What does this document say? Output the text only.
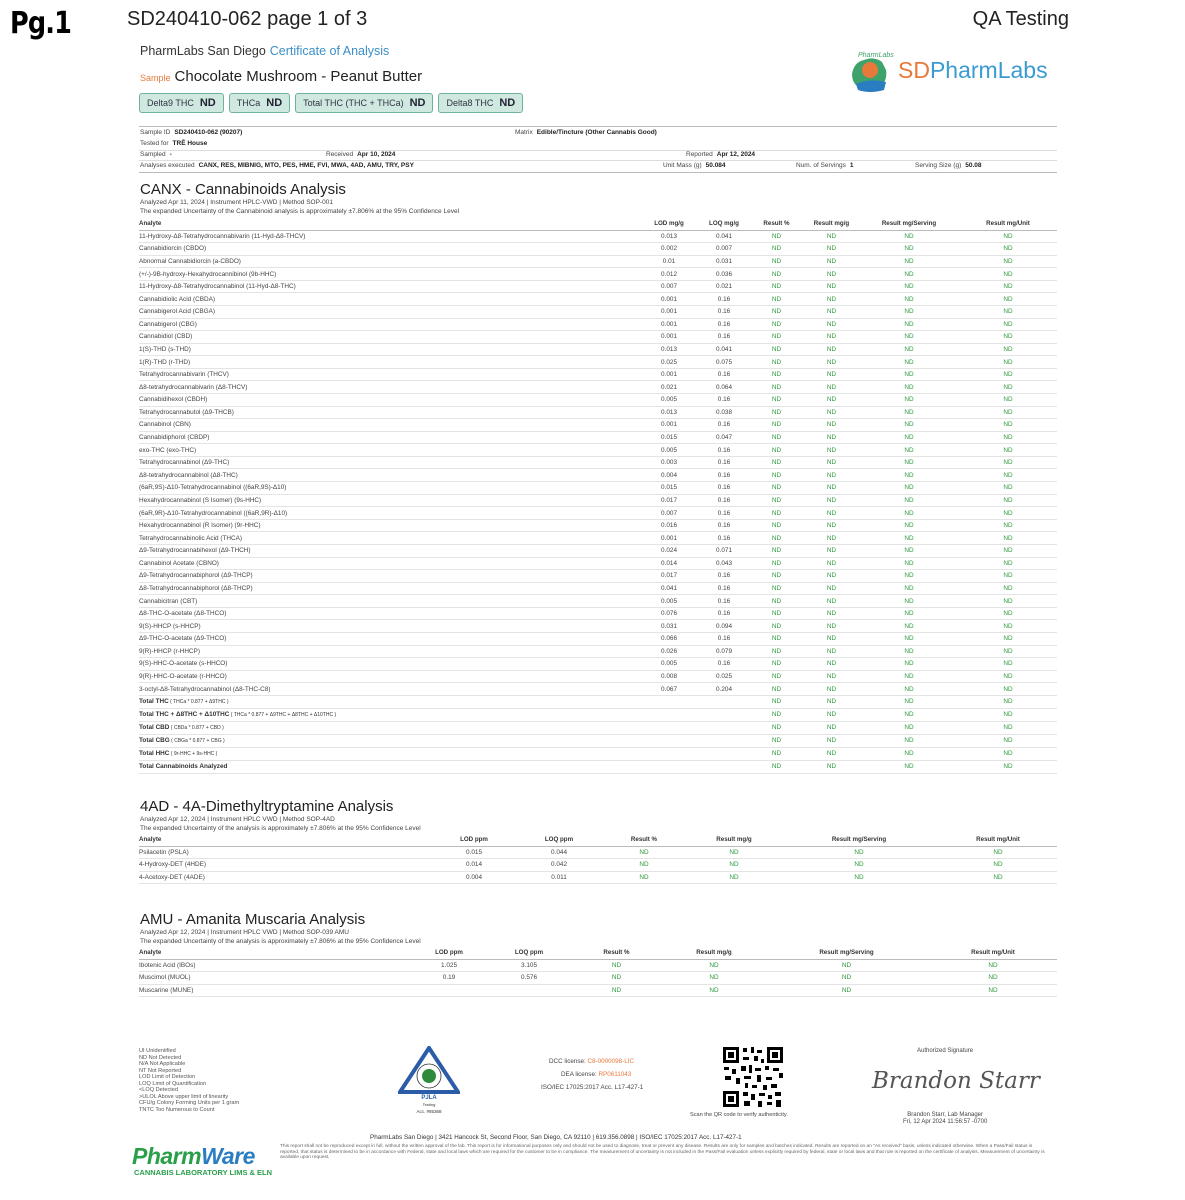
Pg.1	SD240410-062 page 1 of 3	QA Testing
PharmLabs San Diego Certificate of Analysis
Sample Chocolate Mushroom - Peanut Butter
Delta9 THC ND THCa ND Total THC (THC + THCa) ND Delta8 THC ND
PharmLabs
SDPharmLabs
Sample ID SD240410-062 (90207)	Matrix Edible/Tincture (Other Cannabis Good)
Tested for TRĒ House
Sampled -	Received Apr 10, 2024	Reported Apr 12, 2024
Analyses executed CANX, RES, MIBNIG, MTO, PES, HME, FVI, MWA, 4AD, AMU, TRY, PSY	Unit Mass (g) 50.084	Num. of Servings 1	Serving Size (g) 50.08
CANX - Cannabinoids Analysis
Analyzed Apr 11, 2024 | Instrument HPLC-VWD | Method SOP-001
The expanded Uncertainty of the Cannabinoid analysis is approximately ±7.806% at the 95% Confidence Level
Analyte	LOD mg/g	LOQ mg/g	Result %	Result mg/g	Result mg/Serving	Result mg/Unit
11-Hydroxy-Δ8-Tetrahydrocannabivarin (11-Hyd-Δ8-THCV)	0.013	0.041	ND	ND	ND	ND
Cannabidiorcin (CBDO)	0.002	0.007	ND	ND	ND	ND
Abnormal Cannabidiorcin (a-CBDO)	0.01	0.031	ND	ND	ND	ND
(+/-)-9B-hydroxy-Hexahydrocannibinol (9b-HHC)	0.012	0.036	ND	ND	ND	ND
11-Hydroxy-Δ8-Tetrahydrocannabinol (11-Hyd-Δ8-THC)	0.007	0.021	ND	ND	ND	ND
Cannabidiolic Acid (CBDA)	0.001	0.16	ND	ND	ND	ND
Cannabigerol Acid (CBGA)	0.001	0.16	ND	ND	ND	ND
Cannabigerol (CBG)	0.001	0.16	ND	ND	ND	ND
Cannabidiol (CBD)	0.001	0.16	ND	ND	ND	ND
1(S)-THD (s-THD)	0.013	0.041	ND	ND	ND	ND
1(R)-THD (r-THD)	0.025	0.075	ND	ND	ND	ND
Tetrahydrocannabivarin (THCV)	0.001	0.16	ND	ND	ND	ND
Δ8-tetrahydrocannabivarin (Δ8-THCV)	0.021	0.064	ND	ND	ND	ND
Cannabidihexol (CBDH)	0.005	0.16	ND	ND	ND	ND
Tetrahydrocannabutol (Δ9-THCB)	0.013	0.038	ND	ND	ND	ND
Cannabinol (CBN)	0.001	0.16	ND	ND	ND	ND
Cannabidiphorol (CBDP)	0.015	0.047	ND	ND	ND	ND
exo-THC (exo-THC)	0.005	0.16	ND	ND	ND	ND
Tetrahydrocannabinol (Δ9-THC)	0.003	0.16	ND	ND	ND	ND
Δ8-tetrahydrocannabinol (Δ8-THC)	0.004	0.16	ND	ND	ND	ND
(6aR,9S)-Δ10-Tetrahydrocannabinol ((6aR,9S)-Δ10)	0.015	0.16	ND	ND	ND	ND
Hexahydrocannabinol (S Isomer) (9s-HHC)	0.017	0.16	ND	ND	ND	ND
(6aR,9R)-Δ10-Tetrahydrocannabinol ((6aR,9R)-Δ10)	0.007	0.16	ND	ND	ND	ND
Hexahydrocannabinol (R Isomer) (9r-HHC)	0.016	0.16	ND	ND	ND	ND
Tetrahydrocannabinolic Acid (THCA)	0.001	0.16	ND	ND	ND	ND
Δ9-Tetrahydrocannabihexol (Δ9-THCH)	0.024	0.071	ND	ND	ND	ND
Cannabinol Acetate (CBNO)	0.014	0.043	ND	ND	ND	ND
Δ9-Tetrahydrocannabiphorol (Δ9-THCP)	0.017	0.16	ND	ND	ND	ND
Δ8-Tetrahydrocannabiphorol (Δ8-THCP)	0.041	0.16	ND	ND	ND	ND
Cannabicitran (CBT)	0.005	0.16	ND	ND	ND	ND
Δ8-THC-O-acetate (Δ8-THCO)	0.076	0.16	ND	ND	ND	ND
9(S)-HHCP (s-HHCP)	0.031	0.094	ND	ND	ND	ND
Δ9-THC-O-acetate (Δ9-THCO)	0.066	0.16	ND	ND	ND	ND
9(R)-HHCP (r-HHCP)	0.026	0.079	ND	ND	ND	ND
9(S)-HHC-O-acetate (s-HHCO)	0.005	0.16	ND	ND	ND	ND
9(R)-HHC-O-acetate (r-HHCO)	0.008	0.025	ND	ND	ND	ND
3-octyl-Δ8-Tetrahydrocannabinol (Δ8-THC-C8)	0.067	0.204	ND	ND	ND	ND
Total THC ( THCa * 0.877 + Δ9THC )			ND	ND	ND	ND
Total THC + Δ8THC + Δ10THC ( THCa * 0.877 + Δ9THC + Δ8THC + Δ10THC )			ND	ND	ND	ND
Total CBD ( CBDa * 0.877 + CBD )			ND	ND	ND	ND
Total CBG ( CBGa * 0.877 + CBG )			ND	ND	ND	ND
Total HHC ( 9r-HHC + 9s-HHC )			ND	ND	ND	ND
Total Cannabinoids Analyzed			ND	ND	ND	ND
4AD - 4A-Dimethyltryptamine Analysis
Analyzed Apr 12, 2024 | Instrument HPLC VWD | Method SOP-4AD
The expanded Uncertainty of the analysis is approximately ±7.806% at the 95% Confidence Level
Analyte	LOD ppm	LOQ ppm	Result %	Result mg/g	Result mg/Serving	Result mg/Unit
Psilacetin (PSLA)	0.015	0.044	ND	ND	ND	ND
4-Hydroxy-DET (4HDE)	0.014	0.042	ND	ND	ND	ND
4-Acetoxy-DET (4ADE)	0.004	0.011	ND	ND	ND	ND
AMU - Amanita Muscaria Analysis
Analyzed Apr 12, 2024 | Instrument HPLC VWD | Method SOP-039 AMU
The expanded Uncertainty of the analysis is approximately ±7.806% at the 95% Confidence Level
Analyte	LOD ppm	LOQ ppm	Result %	Result mg/g	Result mg/Serving	Result mg/Unit
Ibotenic Acid (IBOs)	1.025	3.105	ND	ND	ND	ND
Muscimol (MUOL)	0.19	0.576	ND	ND	ND	ND
Muscarine (MUNE)			ND	ND	ND	ND
UI Unidentified
ND Not Detected
N/A Not Applicable
NT Not Reported
LOD Limit of Detection
LOQ Limit of Quantification
<LOQ Detected
>ULOL Above upper limit of linearity
CFU/g Colony Forming Units per 1 gram
TNTC Too Numerous to Count
PJLA
Testing
Acc. #85368
DCC license: C8-0000098-LIC
DEA license: RP0611043
ISO/IEC 17025:2017 Acc. L17-427-1
Scan the QR code to verify authenticity.
Authorized Signature
Brandon Starr
Brandon Starr, Lab Manager
Fri, 12 Apr 2024 11:56:57 -0700
PharmLabs San Diego | 3421 Hancock St, Second Floor, San Diego, CA 92110 | 619.356.0898 | ISO/IEC 17025:2017 Acc. L17-427-1
This report shall not be reproduced except in full, without the written approval of the lab. This report is for informational purposes only and should not be used to diagnose, treat or prevent any disease. Results are only for samples and batches indicated. Results are reported on an "As received" basis, unless indicated otherwise. When a Pass/Fail status is reported, that status is determined to be in accordance with Federal, state and local laws which are required for the customer to be in compliance. The measurement of uncertainty is not included in the Pass/Fail evaluation unless explicitly required by federal, state or local laws and that rule is reported on the certificate of analysis. Measurement of uncertainty is available upon request.
PharmWare
CANNABIS LABORATORY LIMS & ELN
